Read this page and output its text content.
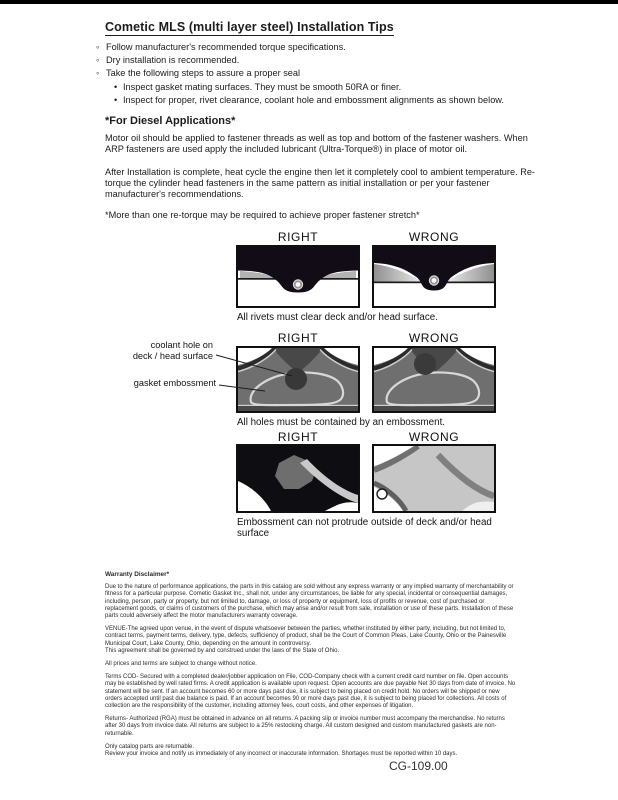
Cometic MLS (multi layer steel) Installation Tips
◦ Follow manufacturer's recommended torque specifications.
◦ Dry installation is recommended.
◦ Take the following steps to assure a proper seal
• Inspect gasket mating surfaces. They must be smooth 50RA or finer.
• Inspect for proper, rivet clearance, coolant hole and embossment alignments as shown below.
*For Diesel Applications*
Motor oil should be applied to fastener threads as well as top and bottom of the fastener washers. When ARP fasteners are used apply the included lubricant (Ultra-Torque®) in place of motor oil.
After Installation is complete, heat cycle the engine then let it completely cool to ambient temperature. Re-torque the cylinder head fasteners in the same pattern as initial installation or per your fastener manufacturer's recommendations.
*More than one re-torque may be required to achieve proper fastener stretch*
RIGHT	WRONG
All rivets must clear deck and/or head surface.
RIGHT	WRONG
coolant hole on
deck / head surface
gasket embossment
All holes must be contained by an embossment.
RIGHT	WRONG
Embossment can not protrude outside of deck and/or head surface
Warranty Disclaimer*
Due to the nature of performance applications, the parts in this catalog are sold without any express warranty or any implied warranty of merchantability or fitness for a particular purpose. Cometic Gasket Inc., shall not, under any circumstances, be liable for any special, incidental or consequential damages, including, person, party or property, but not limited to, damage, or loss of property or equipment, loss of profits or revenue, cost of purchased or replacement goods, or claims of customers of the purchase, which may arise and/or result from sale, installation or use of these parts. Installation of these parts could adversely affect the motor manufacturers warranty coverage.
VENUE-The agreed upon venue, in the event of dispute whatsoever between the parties, whether instituted by either party, including, but not limited to, contract terms, payment terms, delivery, type, defects, sufficiency of product, shall be the Court of Common Pleas, Lake County, Ohio or the Painesville Municipal Court, Lake County, Ohio, depending on the amount in controversy.
This agreement shall be governed by and construed under the laws of the State of Ohio.
All prices and terms are subject to change without notice.
Terms COD- Secured with a completed dealer/jobber application on File, COD-Company check with a current credit card number on file. Open accounts may be established by well rated firms. A credit application is available upon request. Open accounts are due payable Net 30 days from date of invoice. No statement will be sent. If an account becomes 60 or more days past due, it is subject to being placed on credit hold. No orders will be shipped or new orders accepted until past due balance is paid. If an account becomes 90 or more days past due, it is subject to being placed for collections. All costs of collection are the responsibility of the customer, including attorney fees, court costs, and other expenses of litigation.
Returns- Authorized (RGA) must be obtained in advance on all returns. A packing slip or invoice number must accompany the merchandise. No returns after 30 days from invoice date. All returns are subject to a 25% restocking charge. All custom designed and custom manufactured gaskets are non-returnable.
Only catalog parts are returnable.
Review your invoice and notify us immediately of any incorrect or inaccurate information. Shortages must be reported within 10 days.
CG-109.00
